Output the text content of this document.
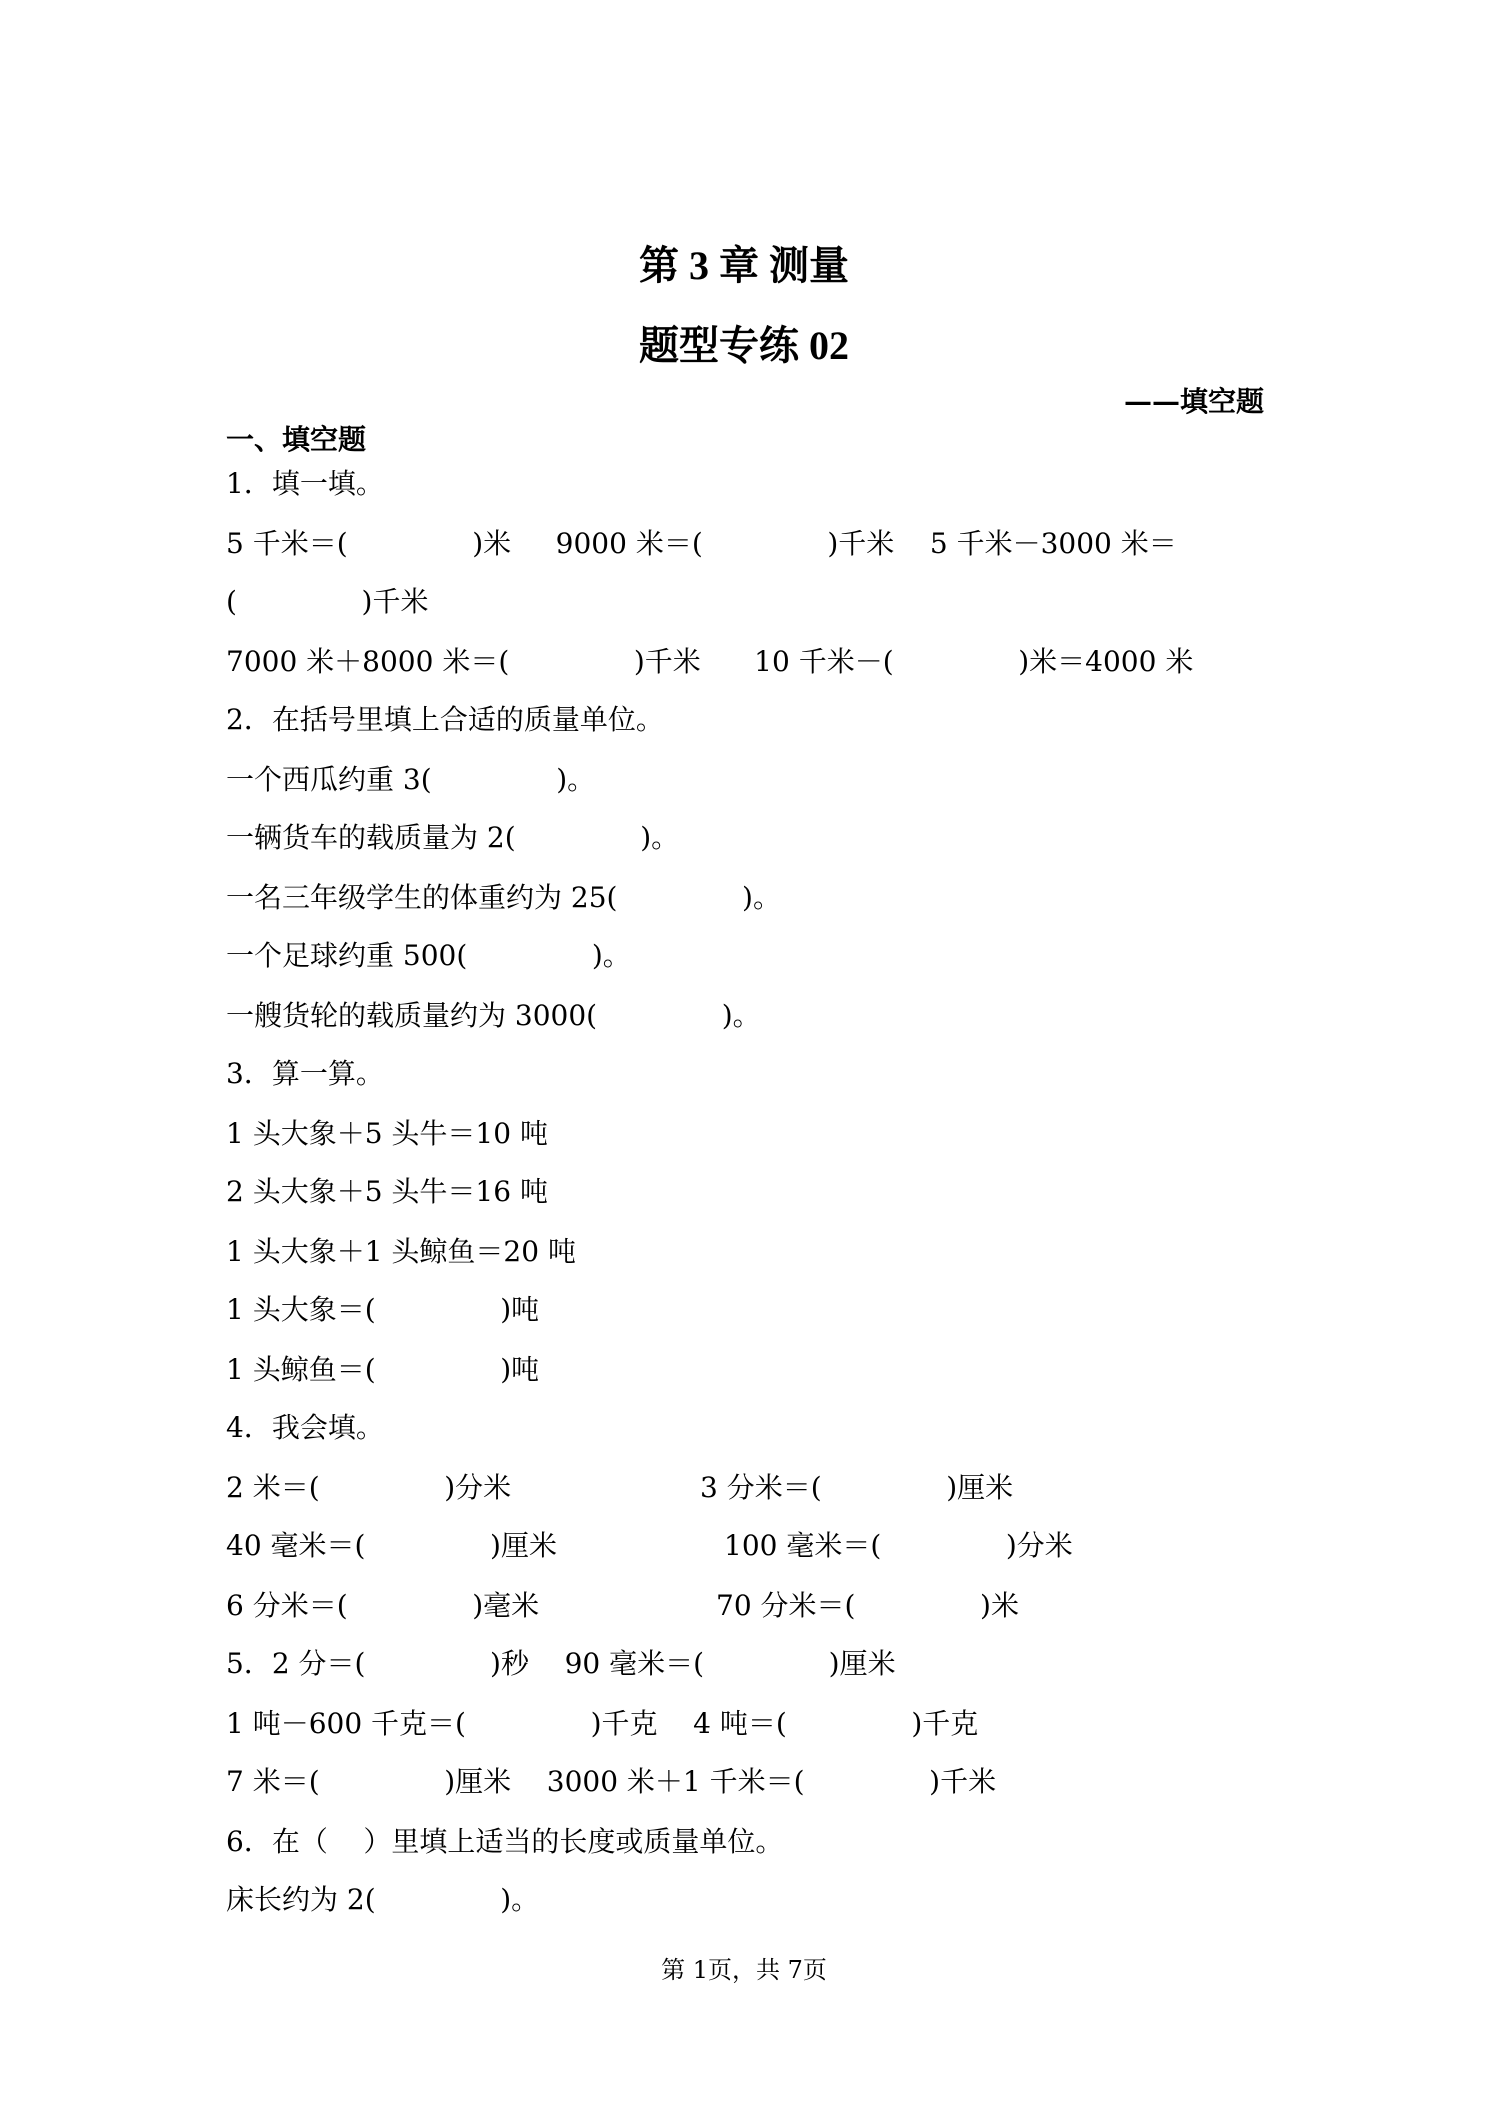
第 3 章 测量
题型专练 02
——填空题
一、填空题
1．填一填。
5 千米＝(              )米     9000 米＝(              )千米    5 千米－3000 米＝
(              )千米
7000 米＋8000 米＝(              )千米      10 千米－(              )米＝4000 米
2．在括号里填上合适的质量单位。
一个西瓜约重 3(              )。
一辆货车的载质量为 2(              )。
一名三年级学生的体重约为 25(              )。
一个足球约重 500(              )。
一艘货轮的载质量约为 3000(              )。
3．算一算。
1 头大象＋5 头牛＝10 吨
2 头大象＋5 头牛＝16 吨
1 头大象＋1 头鲸鱼＝20 吨
1 头大象＝(              )吨
1 头鲸鱼＝(              )吨
4．我会填。
2 米＝(              )分米	3 分米＝(              )厘米
40 毫米＝(              )厘米	100 毫米＝(              )分米
6 分米＝(              )毫米	70 分米＝(              )米
5．2 分＝(              )秒    90 毫米＝(              )厘米
1 吨－600 千克＝(              )千克    4 吨＝(              )千克
7 米＝(              )厘米    3000 米＋1 千米＝(              )千米
6．在（    ）里填上适当的长度或质量单位。
床长约为 2(              )。
第 1页，共 7页
